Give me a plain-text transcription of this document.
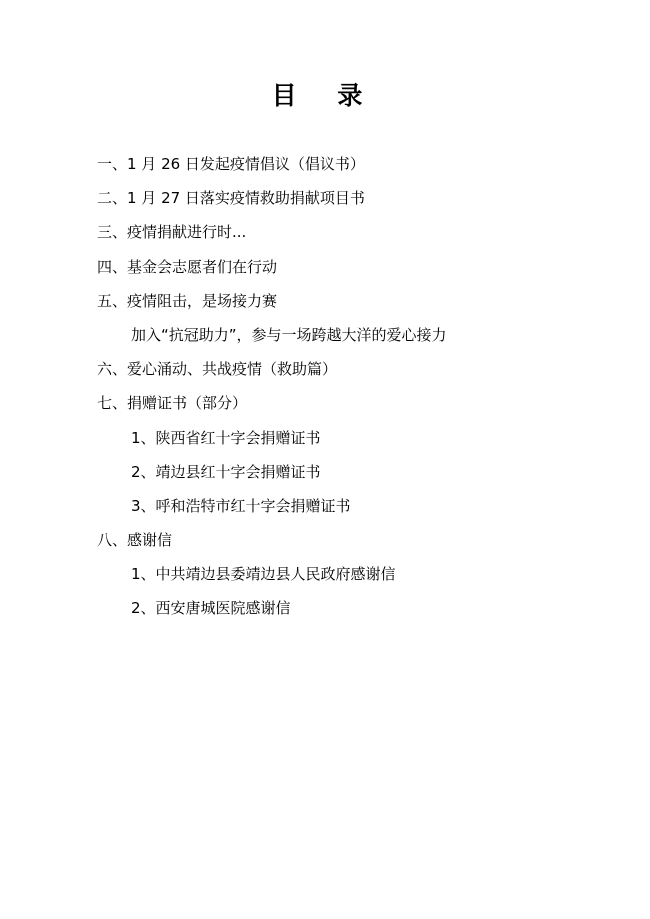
目 录
一、1 月 26 日发起疫情倡议（倡议书）
二、1 月 27 日落实疫情救助捐献项目书
三、疫情捐献进行时...
四、基金会志愿者们在行动
五、疫情阻击，是场接力赛
加入“抗冠助力”，参与一场跨越大洋的爱心接力
六、爱心涌动、共战疫情（救助篇）
七、捐赠证书（部分）
1、陕西省红十字会捐赠证书
2、靖边县红十字会捐赠证书
3、呼和浩特市红十字会捐赠证书
八、感谢信
1、中共靖边县委靖边县人民政府感谢信
2、西安唐城医院感谢信
